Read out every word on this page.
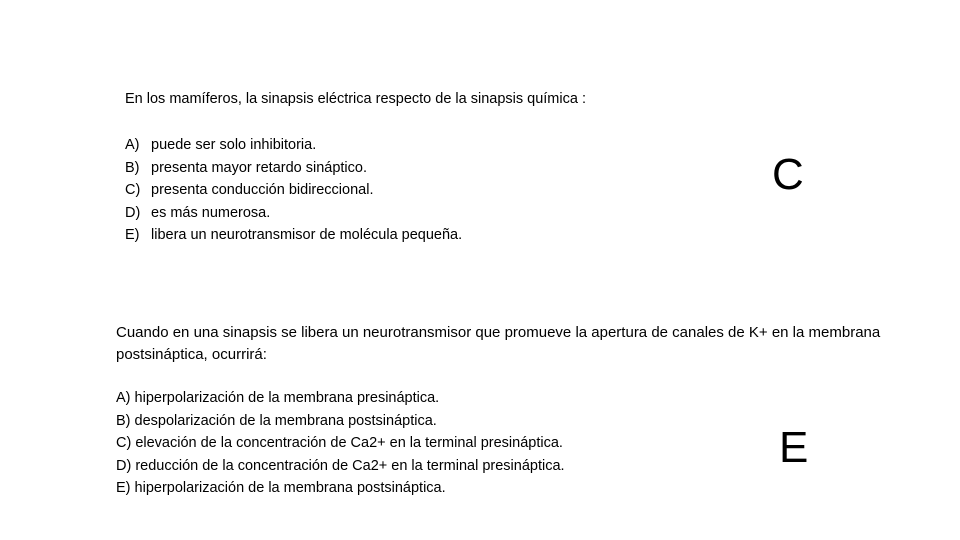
En los mamíferos, la sinapsis eléctrica respecto de la sinapsis química :
A) puede ser solo inhibitoria.
B) presenta mayor retardo sináptico.
C) presenta conducción bidireccional.
D) es más numerosa.
E) libera un neurotransmisor de molécula pequeña.
C
Cuando en una sinapsis se libera un neurotransmisor que promueve la apertura de canales de K+ en la membrana postsináptica, ocurrirá:
A) hiperpolarización de la membrana presináptica.
B) despolarización de la membrana postsináptica.
C) elevación de la concentración de Ca2+ en la terminal presináptica.
D) reducción de la concentración de Ca2+ en la terminal presináptica.
E) hiperpolarización de la membrana postsináptica.
E
